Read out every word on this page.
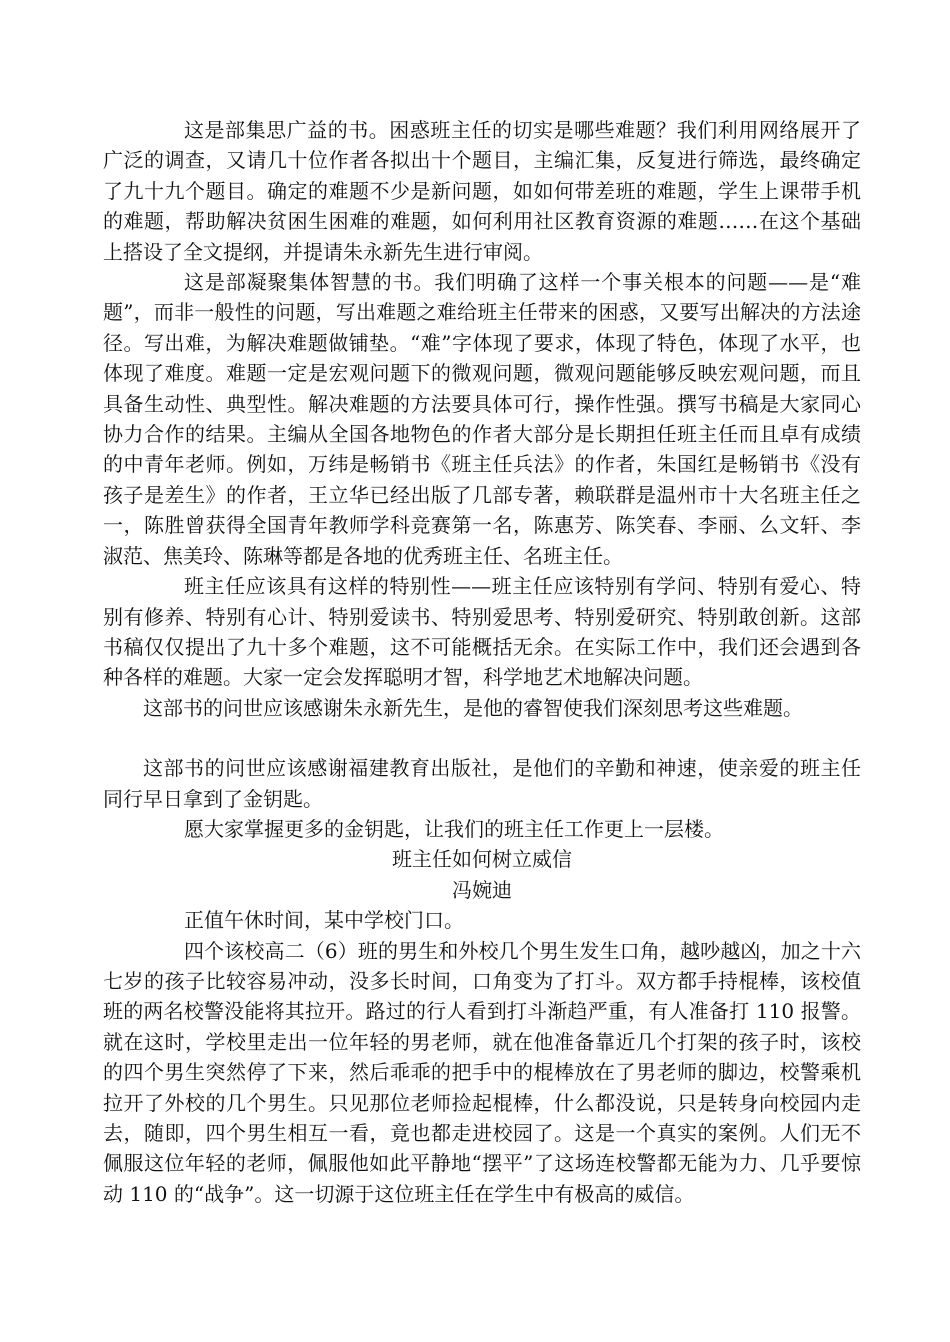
这是部集思广益的书。困惑班主任的切实是哪些难题？我们利用网络展开了广泛的调查，又请几十位作者各拟出十个题目，主编汇集，反复进行筛选，最终确定了九十九个题目。确定的难题不少是新问题，如如何带差班的难题，学生上课带手机的难题，帮助解决贫困生困难的难题，如何利用社区教育资源的难题……在这个基础上搭设了全文提纲，并提请朱永新先生进行审阅。

这是部凝聚集体智慧的书。我们明确了这样一个事关根本的问题——是“难题”，而非一般性的问题，写出难题之难给班主任带来的困惑，又要写出解决的方法途径。写出难，为解决难题做铺垫。“难”字体现了要求，体现了特色，体现了水平，也体现了难度。难题一定是宏观问题下的微观问题，微观问题能够反映宏观问题，而且具备生动性、典型性。解决难题的方法要具体可行，操作性强。撰写书稿是大家同心协力合作的结果。主编从全国各地物色的作者大部分是长期担任班主任而且卓有成绩的中青年老师。例如，万纬是畅销书《班主任兵法》的作者，朱国红是畅销书《没有孩子是差生》的作者，王立华已经出版了几部专著，赖联群是温州市十大名班主任之一，陈胜曾获得全国青年教师学科竞赛第一名，陈惠芳、陈笑春、李丽、么文轩、李淑范、焦美玲、陈琳等都是各地的优秀班主任、名班主任。

班主任应该具有这样的特别性——班主任应该特别有学问、特别有爱心、特别有修养、特别有心计、特别爱读书、特别爱思考、特别爱研究、特别敢创新。这部书稿仅仅提出了九十多个难题，这不可能概括无余。在实际工作中，我们还会遇到各种各样的难题。大家一定会发挥聪明才智，科学地艺术地解决问题。

这部书的问世应该感谢朱永新先生，是他的睿智使我们深刻思考这些难题。

这部书的问世应该感谢福建教育出版社，是他们的辛勤和神速，使亲爱的班主任同行早日拿到了金钥匙。

愿大家掌握更多的金钥匙，让我们的班主任工作更上一层楼。

班主任如何树立威信

冯婉迪

正值午休时间，某中学校门口。

四个该校高二（6）班的男生和外校几个男生发生口角，越吵越凶，加之十六七岁的孩子比较容易冲动，没多长时间，口角变为了打斗。双方都手持棍棒，该校值班的两名校警没能将其拉开。路过的行人看到打斗渐趋严重，有人准备打 110 报警。就在这时，学校里走出一位年轻的男老师，就在他准备靠近几个打架的孩子时，该校的四个男生突然停了下来，然后乖乖的把手中的棍棒放在了男老师的脚边，校警乘机拉开了外校的几个男生。只见那位老师捡起棍棒，什么都没说，只是转身向校园内走去，随即，四个男生相互一看，竟也都走进校园了。这是一个真实的案例。人们无不佩服这位年轻的老师，佩服他如此平静地“摆平”了这场连校警都无能为力、几乎要惊动 110 的“战争”。这一切源于这位班主任在学生中有极高的威信。
